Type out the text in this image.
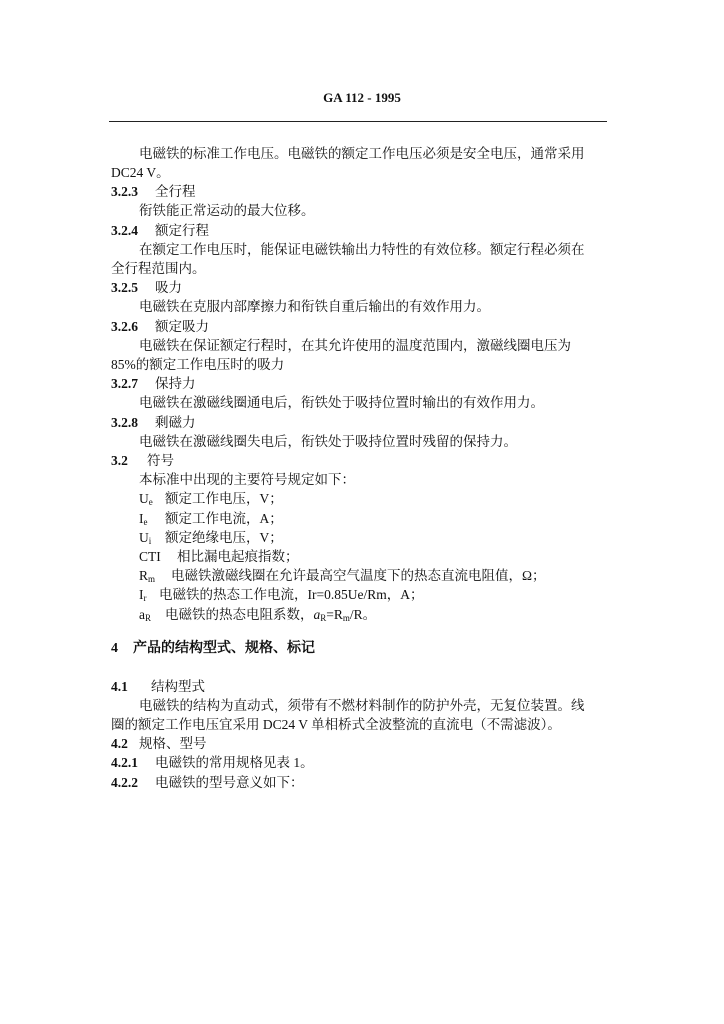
GA 112 - 1995
电磁铁的标准工作电压。电磁铁的额定工作电压必须是安全电压，通常采用
DC24 V。
3.2.3 全行程
衔铁能正常运动的最大位移。
3.2.4 额定行程
在额定工作电压时，能保证电磁铁输出力特性的有效位移。额定行程必须在
全行程范围内。
3.2.5 吸力
电磁铁在克服内部摩擦力和衔铁自重后输出的有效作用力。
3.2.6 额定吸力
电磁铁在保证额定行程时，在其允许使用的温度范围内，激磁线圈电压为
85%的额定工作电压时的吸力
3.2.7 保持力
电磁铁在激磁线圈通电后，衔铁处于吸持位置时输出的有效作用力。
3.2.8 剩磁力
电磁铁在激磁线圈失电后，衔铁处于吸持位置时残留的保持力。
3.2 符号
本标准中出现的主要符号规定如下：
$U_e$ 额定工作电压，V；
$I_e$ 额定工作电流，A；
$U_i$ 额定绝缘电压，V；
CTI 相比漏电起痕指数；
$R_m$ 电磁铁激磁线圈在允许最高空气温度下的热态直流电阻值，Ω；
$I_r$ 电磁铁的热态工作电流，Ir=0.85Ue/Rm，A；
$a_R$ 电磁铁的热态电阻系数，$a_R=R_m/R$。
4 产品的结构型式、规格、标记
4.1 结构型式
电磁铁的结构为直动式，须带有不燃材料制作的防护外壳，无复位装置。线
圈的额定工作电压宜采用 DC24 V 单相桥式全波整流的直流电（不需滤波）。
4.2 规格、型号
4.2.1 电磁铁的常用规格见表 1。
4.2.2 电磁铁的型号意义如下：
